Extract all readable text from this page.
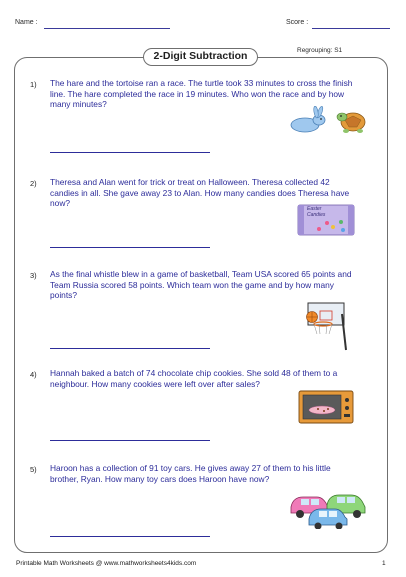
Name :	Score :
2-Digit Subtraction	Regrouping: S1
1) The hare and the tortoise ran a race. The turtle took 33 minutes to cross the finish line. The hare completed the race in 19 minutes. Who won the race and by how many minutes?
2) Theresa and Alan went for trick or treat on Halloween. Theresa collected 42 candies in all. She gave away 23 to Alan. How many candies does Theresa have now?
Easter Candies
3) As the final whistle blew in a game of basketball, Team USA scored 65 points and Team Russia scored 58 points. Which team won the game and by how many points?
4) Hannah baked a batch of 74 chocolate chip cookies. She sold 48 of them to a neighbour. How many cookies were left over after sales?
5) Haroon has a collection of 91 toy cars. He gives away 27 of them to his little brother, Ryan. How many toy cars does Haroon have now?
Printable Math Worksheets @ www.mathworksheets4kids.com	1
